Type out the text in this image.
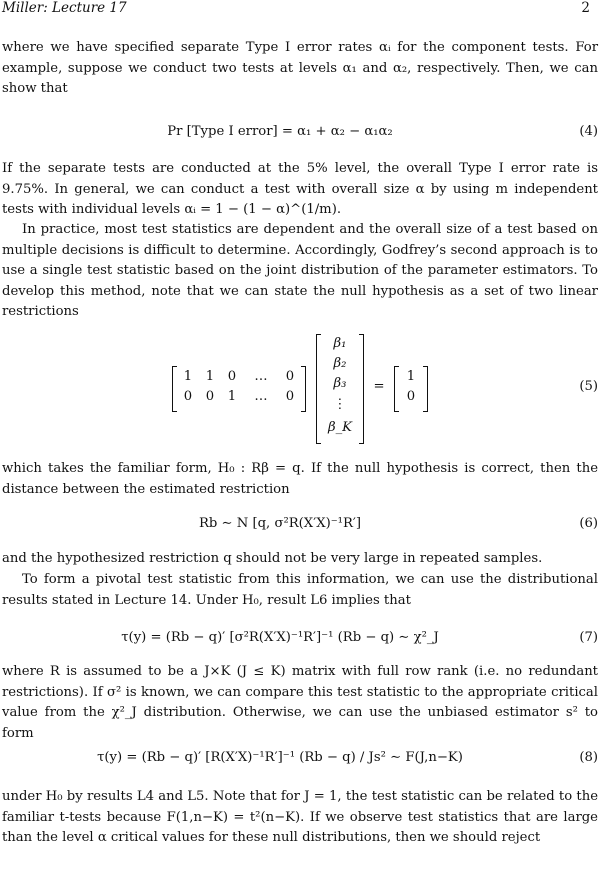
Miller: Lecture 17	2

where we have specified separate Type I error rates αᵢ for the component tests. For example, suppose we conduct two tests at levels α₁ and α₂, respectively. Then, we can show that

Pr [Type I error] = α₁ + α₂ − α₁α₂	(4)

If the separate tests are conducted at the 5% level, the overall Type I error rate is 9.75%. In general, we can conduct a test with overall size α by using m independent tests with individual levels αᵢ = 1 − (1 − α)^(1/m).

In practice, most test statistics are dependent and the overall size of a test based on multiple decisions is difficult to determine. Accordingly, Godfrey’s second approach is to use a single test statistic based on the joint distribution of the parameter estimators. To develop this method, note that we can state the null hypothesis as a set of two linear restrictions

1 1 0	…	0
0 0 1	…	0
β₁
β₂
β₃
⋮
β_K
=
1
0
(5)

which takes the familiar form, H₀ : Rβ = q. If the null hypothesis is correct, then the distance between the estimated restriction

Rb ∼ N [q, σ²R(X′X)⁻¹R′]	(6)

and the hypothesized restriction q should not be very large in repeated samples.

To form a pivotal test statistic from this information, we can use the distributional results stated in Lecture 14. Under H₀, result L6 implies that

τ(y) = (Rb − q)′ [σ²R(X′X)⁻¹R′]⁻¹ (Rb − q) ∼ χ²_J	(7)

where R is assumed to be a J×K (J ≤ K) matrix with full row rank (i.e. no redundant restrictions). If σ² is known, we can compare this test statistic to the appropriate critical value from the χ²_J distribution. Otherwise, we can use the unbiased estimator s² to form

τ(y) = (Rb − q)′ [R(X′X)⁻¹R′]⁻¹ (Rb − q) / Js² ∼ F(J,n−K)	(8)

under H₀ by results L4 and L5. Note that for J = 1, the test statistic can be related to the familiar t-tests because F(1,n−K) = t²(n−K). If we observe test statistics that are large than the level α critical values for these null distributions, then we should reject
